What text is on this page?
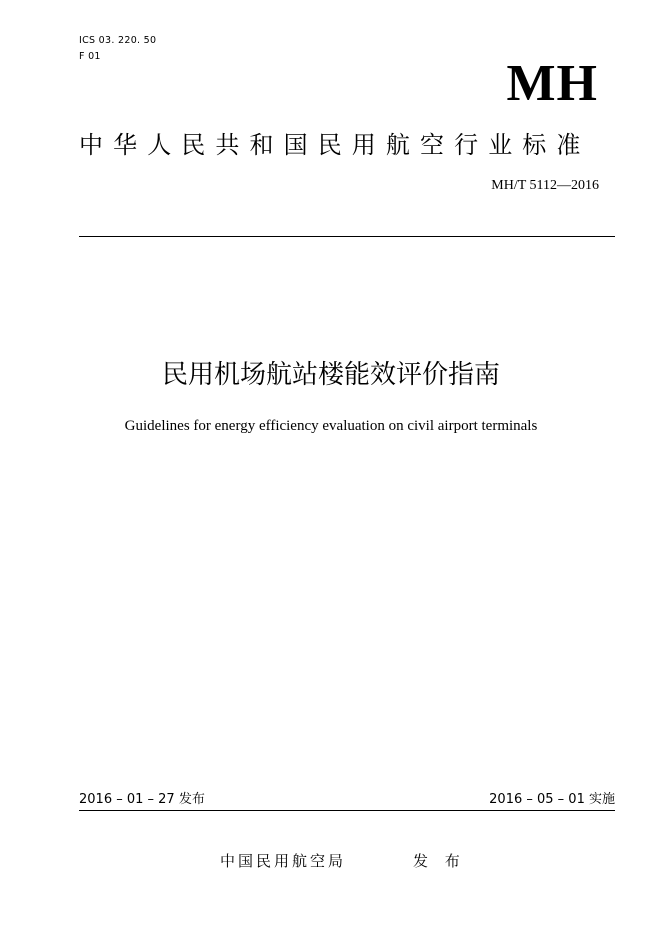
ICS 03. 220. 50
F 01	MH
中华人民共和国民用航空行业标准
MH/T 5112—2016
民用机场航站楼能效评价指南
Guidelines for energy efficiency evaluation on civil airport terminals
2016 – 01 – 27 发布	2016 – 05 – 01 实施
中国民用航空局	发 布
